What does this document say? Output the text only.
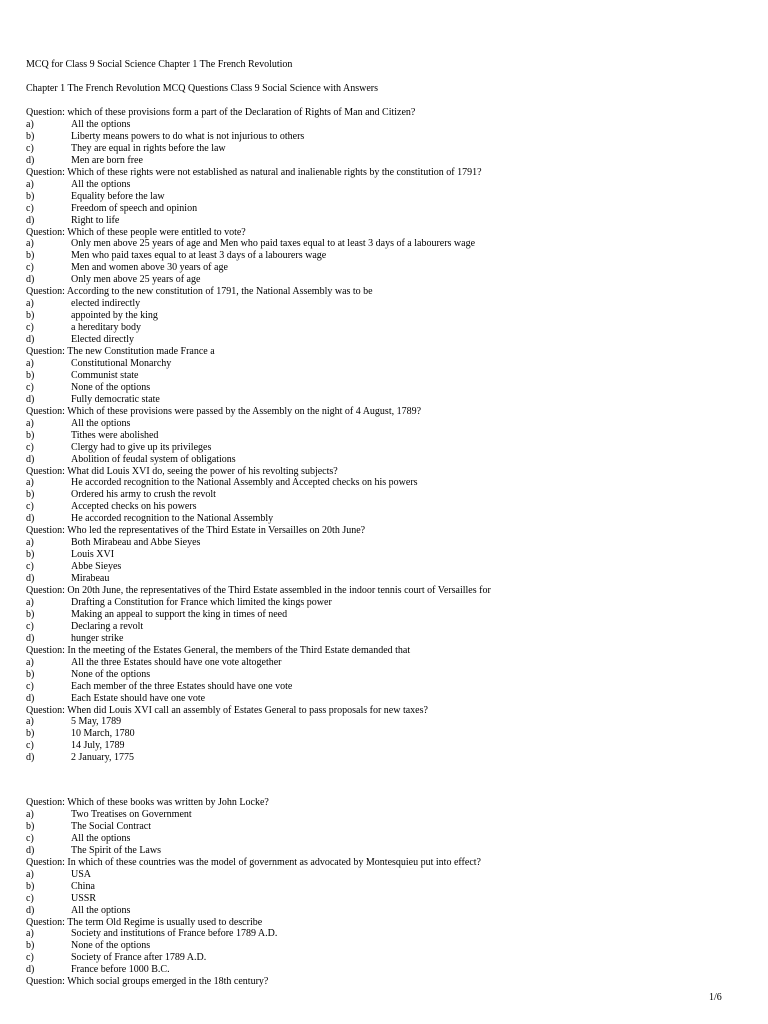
MCQ for Class 9 Social Science Chapter 1 The French Revolution
Chapter 1 The French Revolution MCQ Questions Class 9 Social Science with Answers
Question: which of these provisions form a part of the Declaration of Rights of Man and Citizen?
a)	All the options
b)	Liberty means powers to do what is not injurious to others
c)	They are equal in rights before the law
d)	Men are born free
Question: Which of these rights were not established as natural and inalienable rights by the constitution of 1791?
a)	All the options
b)	Equality before the law
c)	Freedom of speech and opinion
d)	Right to life
Question: Which of these people were entitled to vote?
a)	Only men above 25 years of age and Men who paid taxes equal to at least 3 days of a labourers wage
b)	Men who paid taxes equal to at least 3 days of a labourers wage
c)	Men and women above 30 years of age
d)	Only men above 25 years of age
Question: According to the new constitution of 1791, the National Assembly was to be
a)	elected indirectly
b)	appointed by the king
c)	a hereditary body
d)	Elected directly
Question: The new Constitution made France a
a)	Constitutional Monarchy
b)	Communist state
c)	None of the options
d)	Fully democratic state
Question: Which of these provisions were passed by the Assembly on the night of 4 August, 1789?
a)	All the options
b)	Tithes were abolished
c)	Clergy had to give up its privileges
d)	Abolition of feudal system of obligations
Question: What did Louis XVI do, seeing the power of his revolting subjects?
a)	He accorded recognition to the National Assembly and Accepted checks on his powers
b)	Ordered his army to crush the revolt
c)	Accepted checks on his powers
d)	He accorded recognition to the National Assembly
Question: Who led the representatives of the Third Estate in Versailles on 20th June?
a)	Both Mirabeau and Abbe Sieyes
b)	Louis XVI
c)	Abbe Sieyes
d)	Mirabeau
Question: On 20th June, the representatives of the Third Estate assembled in the indoor tennis court of Versailles for
a)	Drafting a Constitution for France which limited the kings power
b)	Making an appeal to support the king in times of need
c)	Declaring a revolt
d)	hunger strike
Question: In the meeting of the Estates General, the members of the Third Estate demanded that
a)	All the three Estates should have one vote altogether
b)	None of the options
c)	Each member of the three Estates should have one vote
d)	Each Estate should have one vote
Question: When did Louis XVI call an assembly of Estates General to pass proposals for new taxes?
a)	5 May, 1789
b)	10 March, 1780
c)	14 July, 1789
d)	2 January, 1775
Question: Which of these books was written by John Locke?
a)	Two Treatises on Government
b)	The Social Contract
c)	All the options
d)	The Spirit of the Laws
Question: In which of these countries was the model of government as advocated by Montesquieu put into effect?
a)	USA
b)	China
c)	USSR
d)	All the options
Question: The term Old Regime is usually used to describe
a)	Society and institutions of France before 1789 A.D.
b)	None of the options
c)	Society of France after 1789 A.D.
d)	France before 1000 B.C.
Question: Which social groups emerged in the 18th century?
1/6
